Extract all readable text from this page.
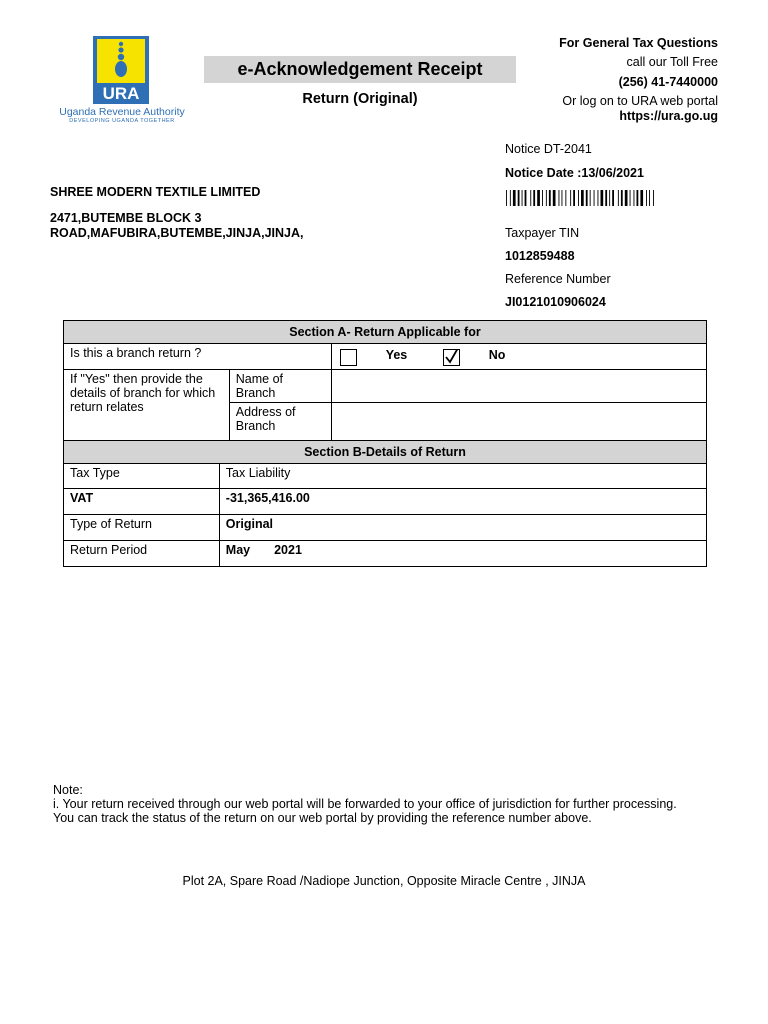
URA
Uganda Revenue Authority
DEVELOPING UGANDA TOGETHER
e-Acknowledgement Receipt
Return (Original)
For General Tax Questions
call our Toll Free
(256) 41-7440000
Or log on to URA web portal
https://ura.go.ug
Notice DT-2041
Notice Date :13/06/2021
Taxpayer TIN
1012859488
Reference Number
JI0121010906024
SHREE MODERN TEXTILE LIMITED
2471,BUTEMBE BLOCK 3
ROAD,MAFUBIRA,BUTEMBE,JINJA,JINJA,
Section A- Return Applicable for		
Is this a branch return ?		Yes No

If "Yes" then provide the details of branch for which return relates	Name of Branch	
	Address of Branch	
Section B-Details of Return	
Tax Type	Tax Liability
VAT	-31,365,416.00
Type of Return	Original
Return Period	May 2021
Note:
i. Your return received through our web portal will be forwarded to your office of jurisdiction for further processing.
You can track the status of the return on our web portal by providing the reference number above.
Plot 2A, Spare Road /Nadiope Junction, Opposite Miracle Centre , JINJA
